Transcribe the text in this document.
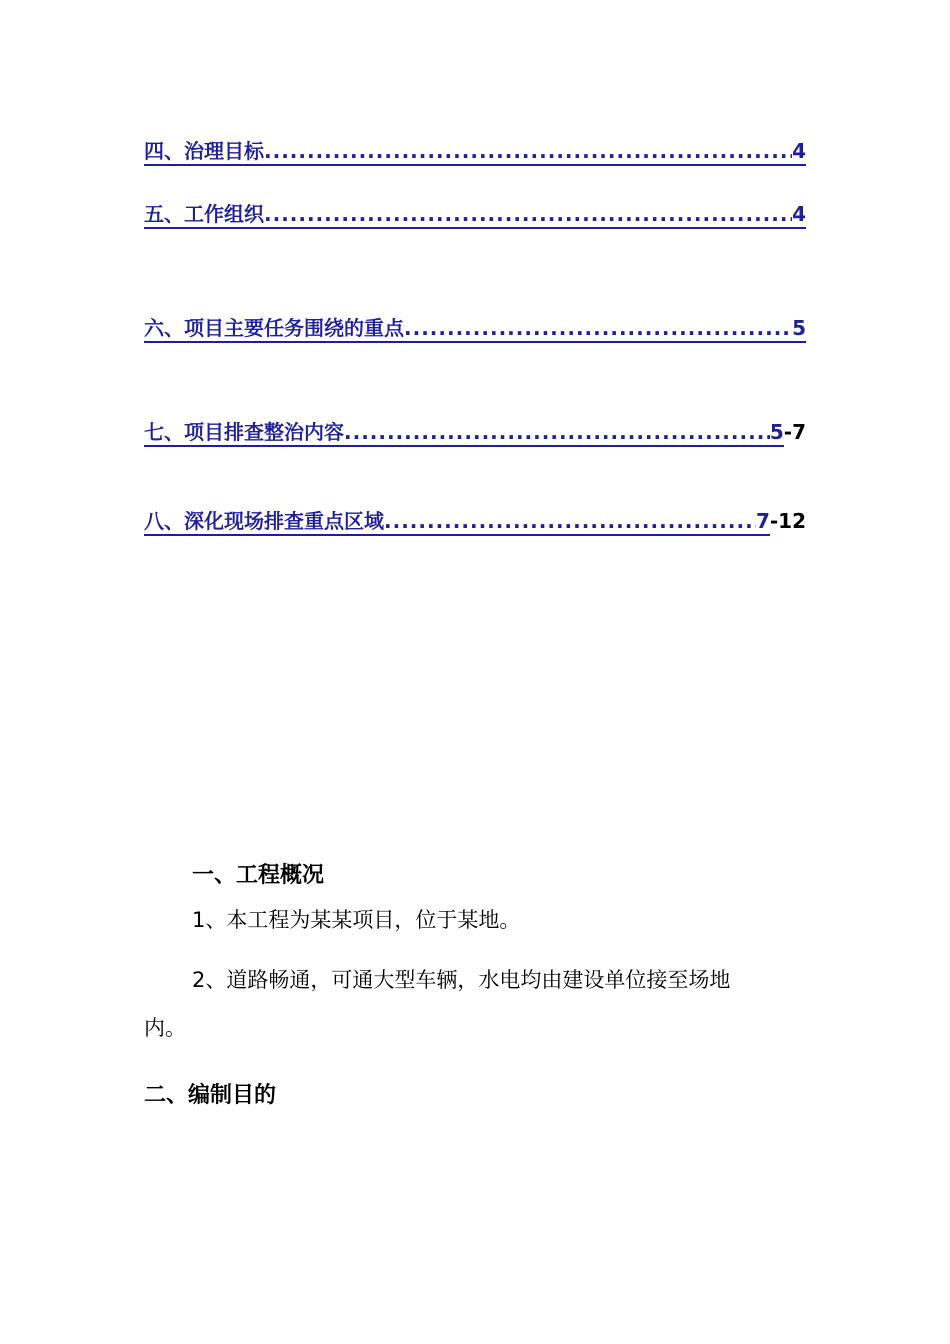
四、治理目标 .....	4
五、工作组织 .....	4
六、项目主要任务围绕的重点 .....	5
七、项目排查整治内容 .....	5 -7
八、深化现场排查重点区域 .....	7 -12
一、工程概况
1、本工程为某某项目，位于某地。
2、道路畅通，可通大型车辆，水电均由建设单位接至场地
内。
二、编制目的
